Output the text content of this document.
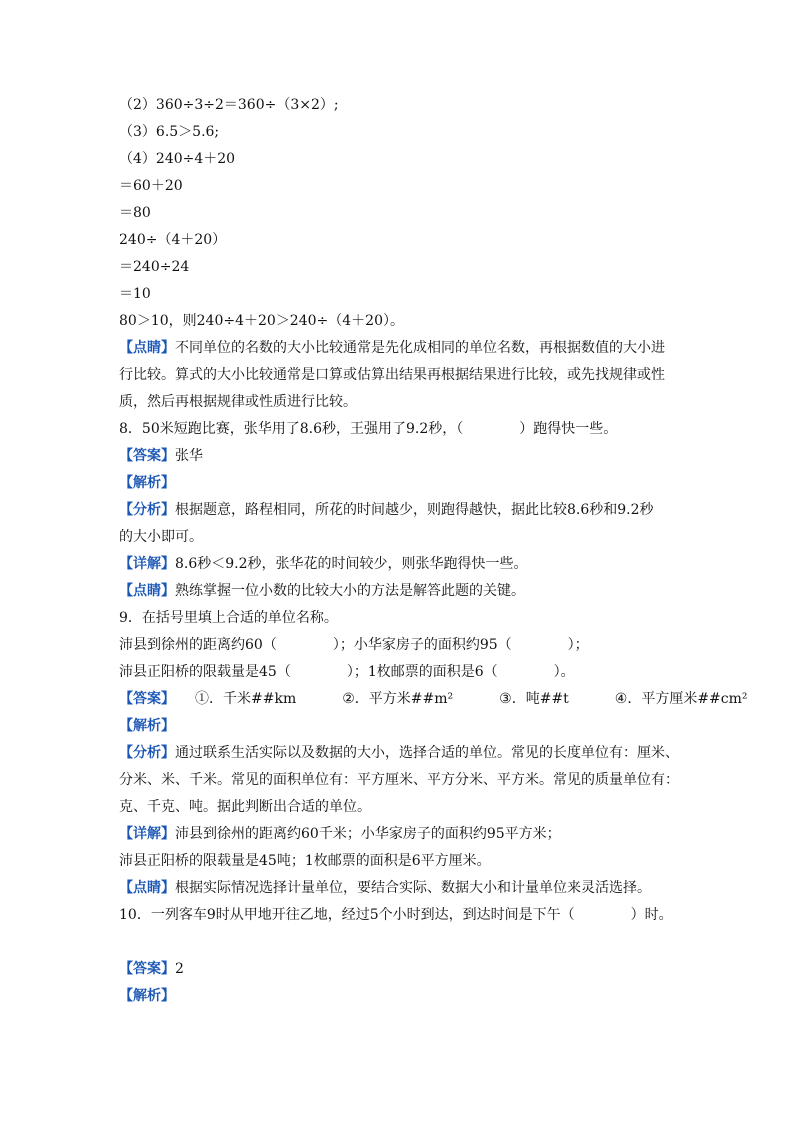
（2）360÷3÷2＝360÷（3×2）;
（3）6.5＞5.6;
（4）240÷4＋20
＝60＋20
＝80
240÷（4＋20）
＝240÷24
＝10
80＞10，则240÷4＋20＞240÷（4＋20）。
【点睛】不同单位的名数的大小比较通常是先化成相同的单位名数，再根据数值的大小进
行比较。算式的大小比较通常是口算或估算出结果再根据结果进行比较，或先找规律或性
质，然后再根据规律或性质进行比较。
8．50米短跑比赛，张华用了8.6秒，王强用了9.2秒，（　　　　）跑得快一些。
【答案】张华
【解析】
【分析】根据题意，路程相同，所花的时间越少，则跑得越快，据此比较8.6秒和9.2秒
的大小即可。
【详解】8.6秒＜9.2秒，张华花的时间较少，则张华跑得快一些。
【点睛】熟练掌握一位小数的比较大小的方法是解答此题的关键。
9．在括号里填上合适的单位名称。
沛县到徐州的距离约60（　　　　）；小华家房子的面积约95（　　　　）；
沛县正阳桥的限载量是45（　　　　）；1枚邮票的面积是6（　　　　）。
【答案】 ①．千米##km	②．平方米##m²	③．吨##t	④．平方厘米##cm²
【解析】
【分析】通过联系生活实际以及数据的大小，选择合适的单位。常见的长度单位有：厘米、
分米、米、千米。常见的面积单位有：平方厘米、平方分米、平方米。常见的质量单位有：
克、千克、吨。据此判断出合适的单位。
【详解】沛县到徐州的距离约60千米；小华家房子的面积约95平方米；
沛县正阳桥的限载量是45吨；1枚邮票的面积是6平方厘米。
【点睛】根据实际情况选择计量单位，要结合实际、数据大小和计量单位来灵活选择。
10．一列客车9时从甲地开往乙地，经过5个小时到达，到达时间是下午（　　　　）时。
【答案】2
【解析】
